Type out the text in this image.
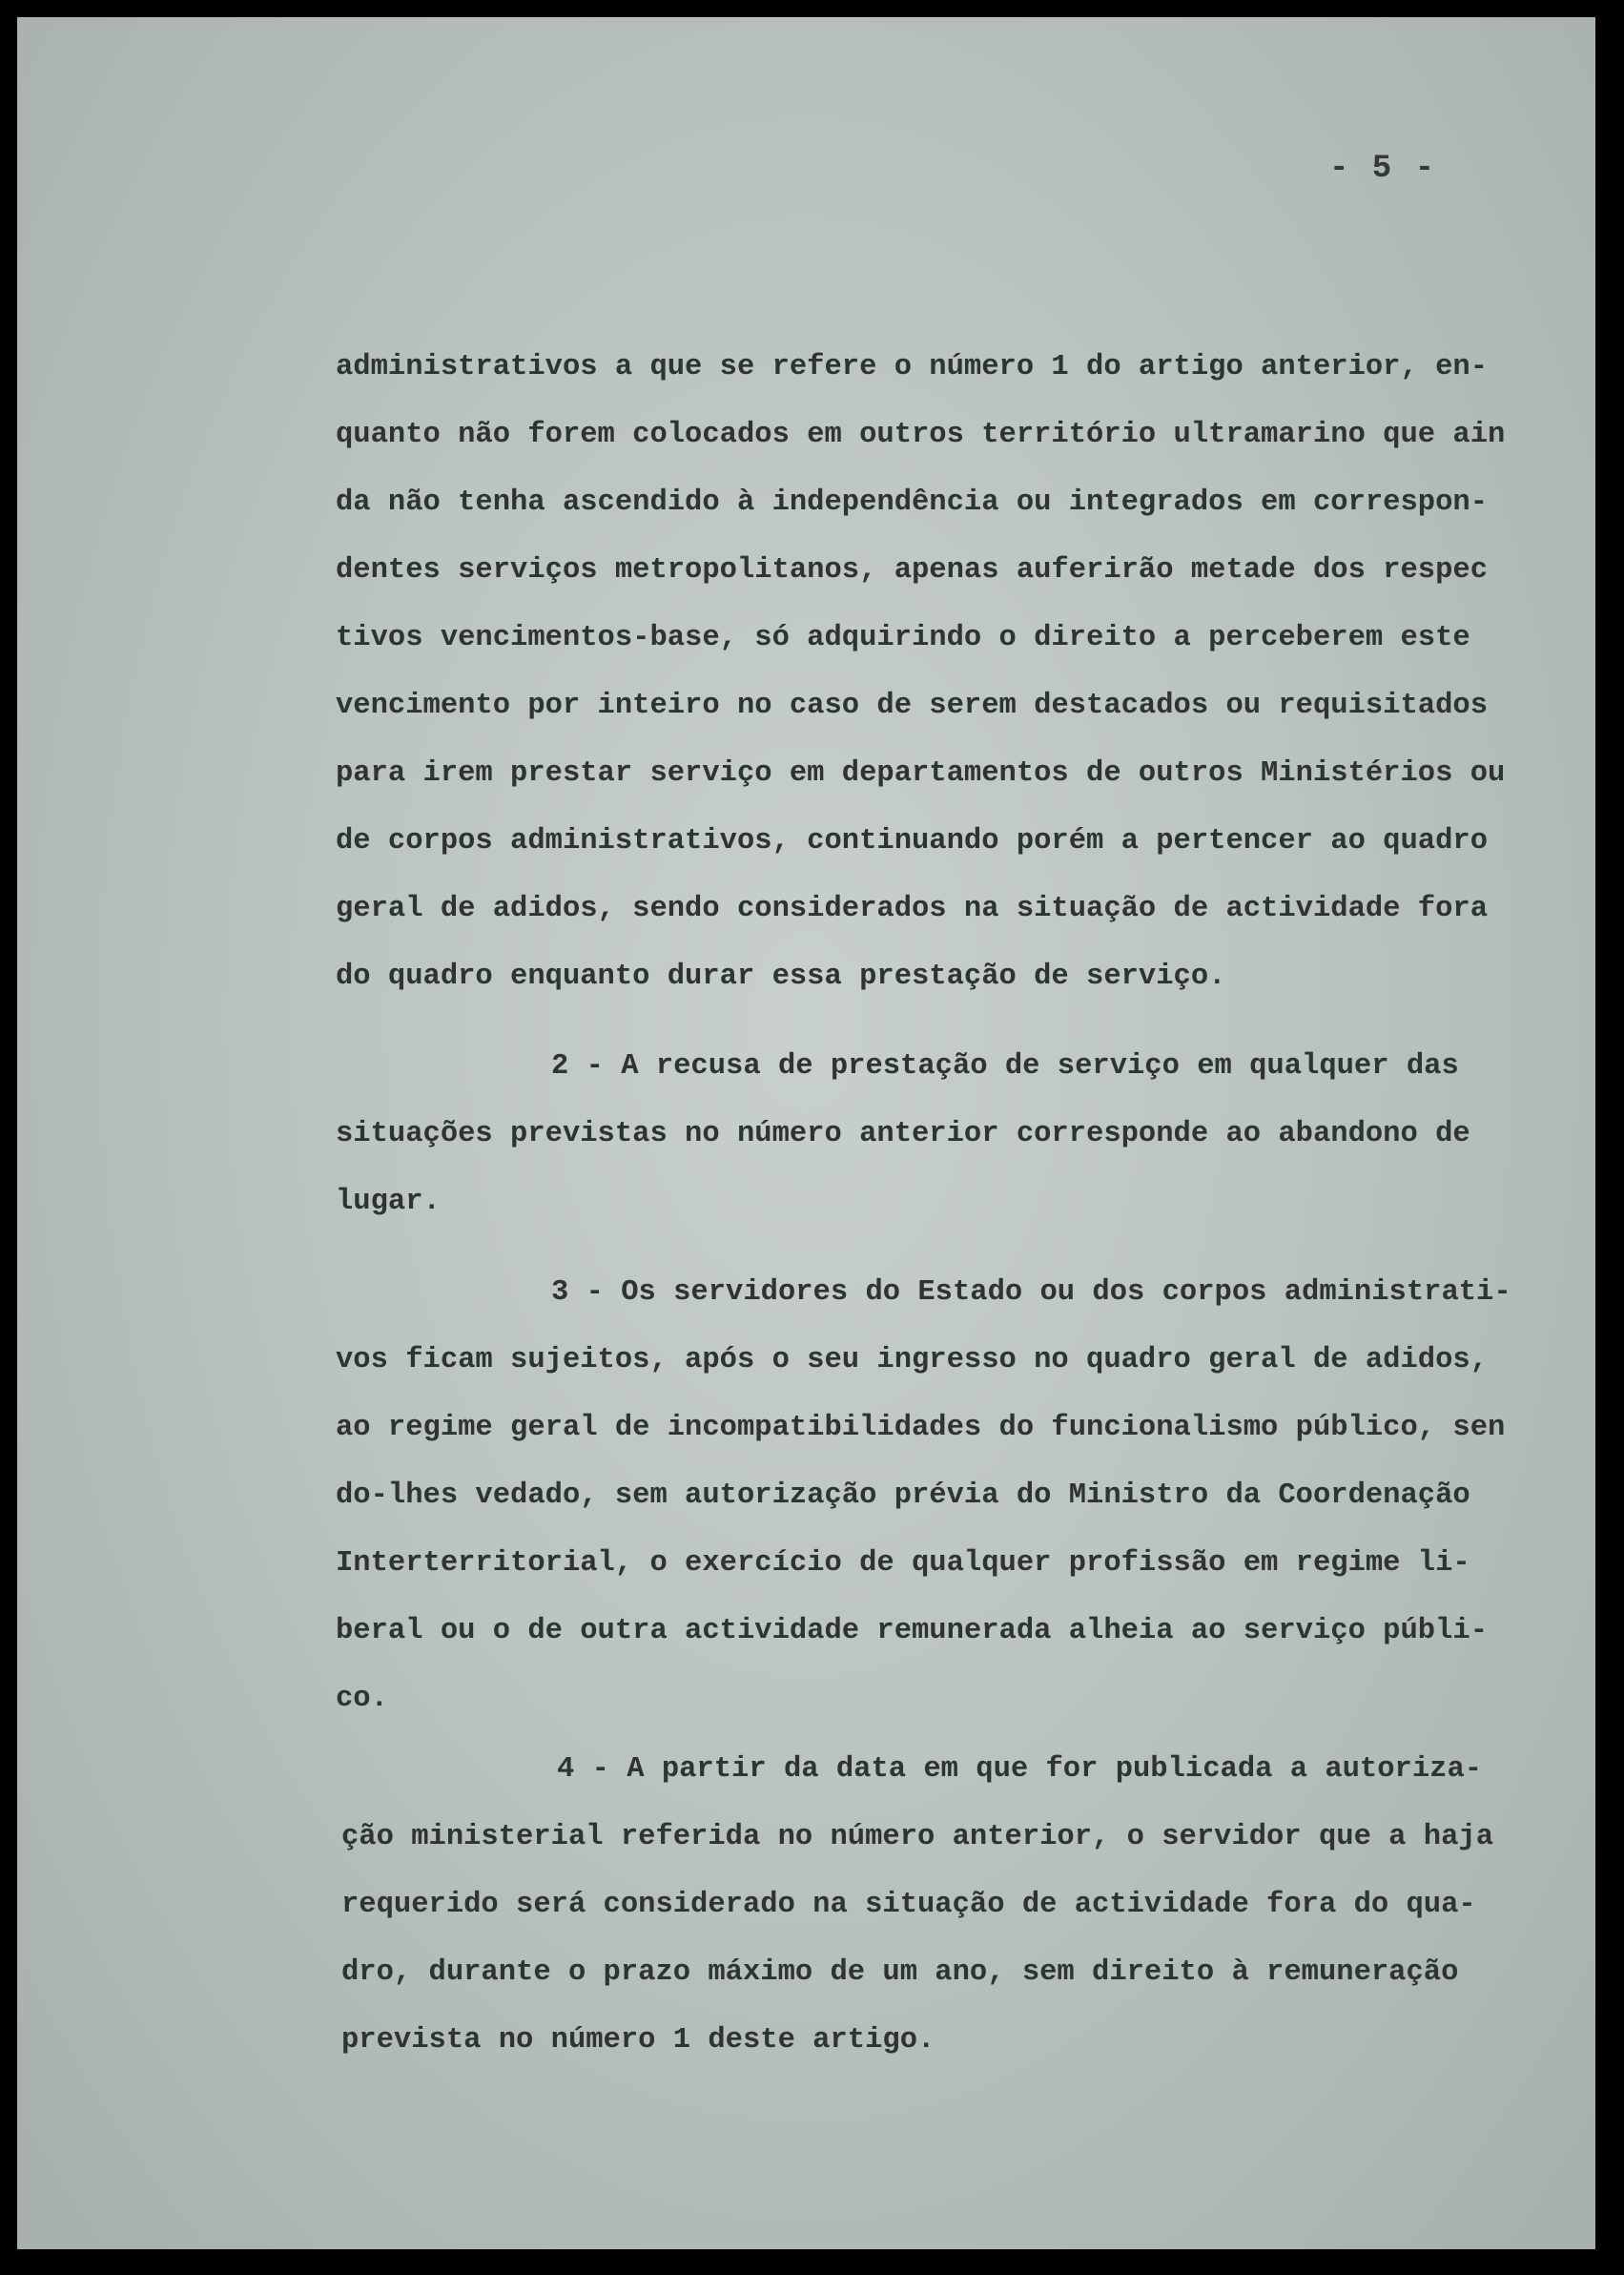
- 5 -
administrativos a que se refere o número 1 do artigo anterior, en-
quanto não forem colocados em outros território ultramarino que ain
da não tenha ascendido à independência ou integrados em correspon-
dentes serviços metropolitanos, apenas auferirão metade dos respec
tivos vencimentos-base, só adquirindo o direito a perceberem este
vencimento por inteiro no caso de serem destacados ou requisitados
para irem prestar serviço em departamentos de outros Ministérios ou
de corpos administrativos, continuando porém a pertencer ao quadro
geral de adidos, sendo considerados na situação de actividade fora
do quadro enquanto durar essa prestação de serviço.
2 - A recusa de prestação de serviço em qualquer das
situações previstas no número anterior corresponde ao abandono de
lugar.
3 - Os servidores do Estado ou dos corpos administrati-
vos ficam sujeitos, após o seu ingresso no quadro geral de adidos,
ao regime geral de incompatibilidades do funcionalismo público, sen
do-lhes vedado, sem autorização prévia do Ministro da Coordenação
Interterritorial, o exercício de qualquer profissão em regime li-
beral ou o de outra actividade remunerada alheia ao serviço públi-
co.
4 - A partir da data em que for publicada a autoriza-
ção ministerial referida no número anterior, o servidor que a haja
requerido será considerado na situação de actividade fora do qua-
dro, durante o prazo máximo de um ano, sem direito à remuneração
prevista no número 1 deste artigo.
